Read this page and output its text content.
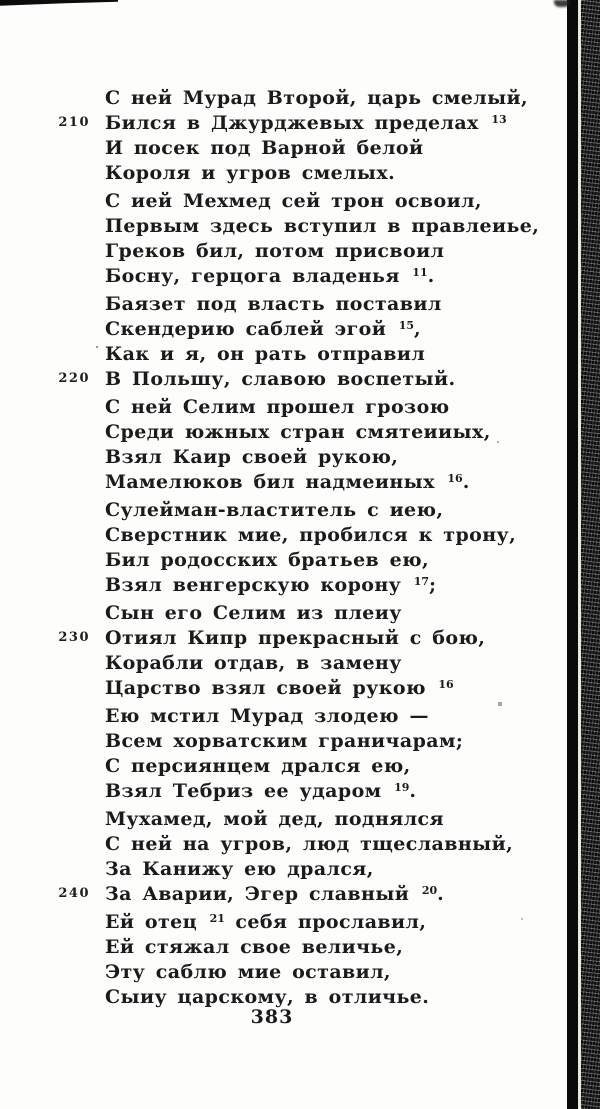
С ней Мурад Второй, царь смелый,
210 Бился в Джурджевых пределах $^{13}$
И посек под Варной белой
Короля и угров смелых.
С ией Мехмед сей трон освоил,
Первым здесь вступил в правлеиье,
Греков бил, потом присвоил
Босну, герцога владенья $^{11}$.
Баязет под власть поставил
Скендерию саблей эгой $^{15}$,
Как и я, он рать отправил
220 В Польшу, славою воспетый.
С ней Селим прошел грозою
Среди южных стран смятеииых,
Взял Каир своей рукою,
Мамелюков бил надмеиных $^{16}$.
Сулейман-властитель с иею,
Сверстник мие, пробился к трону,
Бил родосских братьев ею,
Взял венгерскую корону $^{17}$;
Сын его Селим из плеиу
230 Отиял Кипр прекрасный с бою,
Корабли отдав, в замену
Царство взял своей рукою $^{16}$
Ею мстил Мурад злодею —
Всем хорватским граничарам;
С персиянцем дрался ею,
Взял Тебриз ее ударом $^{19}$.
Мухамед, мой дед, поднялся
С ней на угров, люд тщеславный,
За Канижу ею дрался,
240 За Аварии, Эгер славный $^{20}$.
Ей отец $^{21}$ себя прославил,
Ей стяжал свое величье,
Эту саблю мие оставил,
Сыиу царскому, в отличье.
383
